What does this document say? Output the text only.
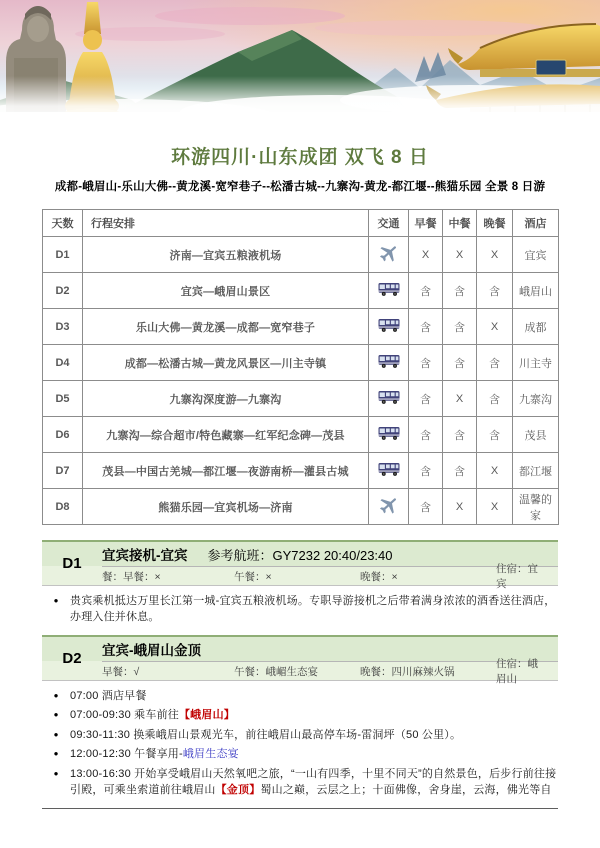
环游四川·山东成团 双飞 8 日
成都-峨眉山-乐山大佛--黄龙溪-宽窄巷子--松潘古城--九寨沟-黄龙-都江堰--熊猫乐园 全景 8 日游
天数	行程安排	交通	早餐	中餐	晚餐	酒店
D1	济南—宜宾五粮液机场		X	X	X	宜宾
D2	宜宾—峨眉山景区		含	含	含	峨眉山
D3	乐山大佛—黄龙溪—成都—宽窄巷子		含	含	X	成都
D4	成都—松潘古城—黄龙风景区—川主寺镇		含	含	含	川主寺
D5	九寨沟深度游—九寨沟		含	X	含	九寨沟
D6	九寨沟—综合超市/特色藏寨—红军纪念碑—茂县		含	含	含	茂县
D7	茂县—中国古羌城—都江堰—夜游南桥—灌县古城		含	含	X	都江堰
D8	熊猫乐园—宜宾机场—济南		含	X	X	温馨的家
D1	宜宾接机-宜宾 参考航班：GY7232 20:40/23:40
餐：早餐：×	午餐：×	晚餐：×
住宿：宜宾
●	贵宾乘机抵达万里长江第一城-宜宾五粮液机场。专职导游接机之后带着满身浓浓的酒香送往酒店，办理入住并休息。
D2	宜宾-峨眉山金顶
早餐：√	午餐：峨嵋生态宴	晚餐：四川麻辣火锅
住宿：峨眉山
●	07:00 酒店早餐
●	07:00-09:30 乘车前往【峨眉山】
●	09:30-11:30 换乘峨眉山景观光车，前往峨眉山最高停车场-雷洞坪（50 公里）。
●	12:00-12:30 午餐享用-峨眉生态宴
●	13:00-16:30 开始享受峨眉山天然氧吧之旅，“一山有四季，十里不同天”的自然景色，后步行前往接引殿，可乘坐索道前往峨眉山【金顶】蜀山之巅，云层之上；十面佛像，舍身崖，云海，佛光等自
